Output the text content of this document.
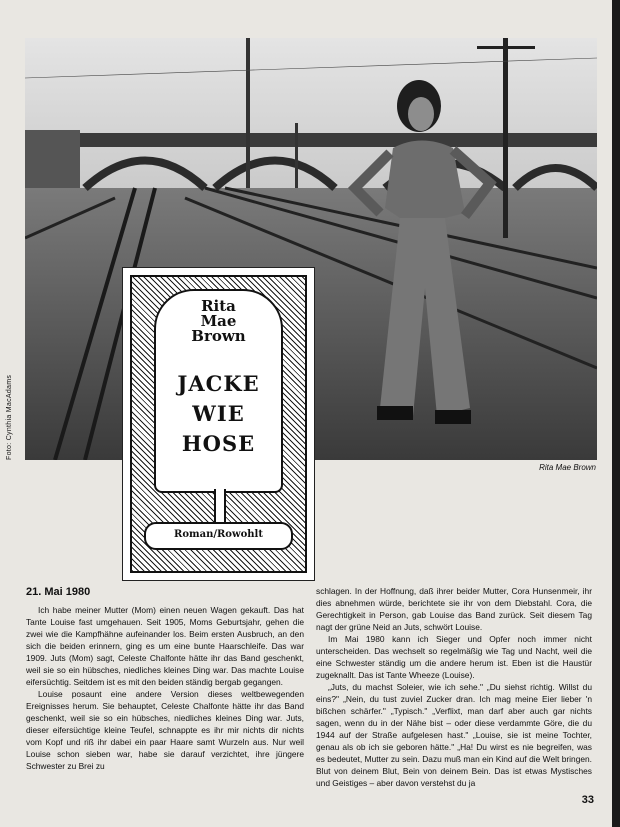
Foto: Cynthia MacAdams
Rita Mae Brown
Rita
Mae
Brown
JACKE
WIE
HOSE
Roman/Rowohlt
21. Mai 1980

Ich habe meiner Mutter (Mom) einen neuen Wagen gekauft. Das hat Tante Louise fast umgehauen. Seit 1905, Moms Geburtsjahr, gehen die zwei wie die Kampfhähne aufeinander los. Beim ersten Ausbruch, an den sich die beiden erinnern, ging es um eine bunte Haarschleife. Das war 1909. Juts (Mom) sagt, Celeste Chalfonte hätte ihr das Band geschenkt, weil sie so ein hübsches, niedliches kleines Ding war. Das machte Louise eifersüchtig. Seitdem ist es mit den beiden ständig bergab gegangen.

Louise posaunt eine andere Version dieses weltbewegenden Ereignisses herum. Sie behauptet, Celeste Chalfonte hätte ihr das Band geschenkt, weil sie so ein hübsches, niedliches kleines Ding war. Juts, dieser eifersüchtige kleine Teufel, schnappte es ihr mir nichts dir nichts vom Kopf und riß ihr dabei ein paar Haare samt Wurzeln aus. Nur weil Louise schon sieben war, habe sie darauf verzichtet, ihre jüngere Schwester zu Brei zu

schlagen. In der Hoffnung, daß ihrer beider Mutter, Cora Hunsenmeir, ihr dies abnehmen würde, berichtete sie ihr von dem Diebstahl. Cora, die Gerechtigkeit in Person, gab Louise das Band zurück. Seit diesem Tag nagt der grüne Neid an Juts, schwört Louise.

Im Mai 1980 kann ich Sieger und Opfer noch immer nicht unterscheiden. Das wechselt so regelmäßig wie Tag und Nacht, weil die eine Schwester ständig um die andere herum ist. Eben ist die Haustür zugeknallt. Das ist Tante Wheeze (Louise).

„Juts, du machst Soleier, wie ich sehe." „Du siehst richtig. Willst du eins?" „Nein, du tust zuviel Zucker dran. Ich mag meine Eier lieber 'n bißchen schärfer." „Typisch." „Verflixt, man darf aber auch gar nichts sagen, wenn du in der Nähe bist – oder diese verdammte Göre, die du 1944 auf der Straße aufgelesen hast." „Louise, sie ist meine Tochter, genau als ob ich sie geboren hätte." „Ha! Du wirst es nie begreifen, was es bedeutet, Mutter zu sein. Dazu muß man ein Kind auf die Welt bringen. Blut von deinem Blut, Bein von deinem Bein. Das ist etwas Mystisches und Geistiges – aber davon verstehst du ja

33
